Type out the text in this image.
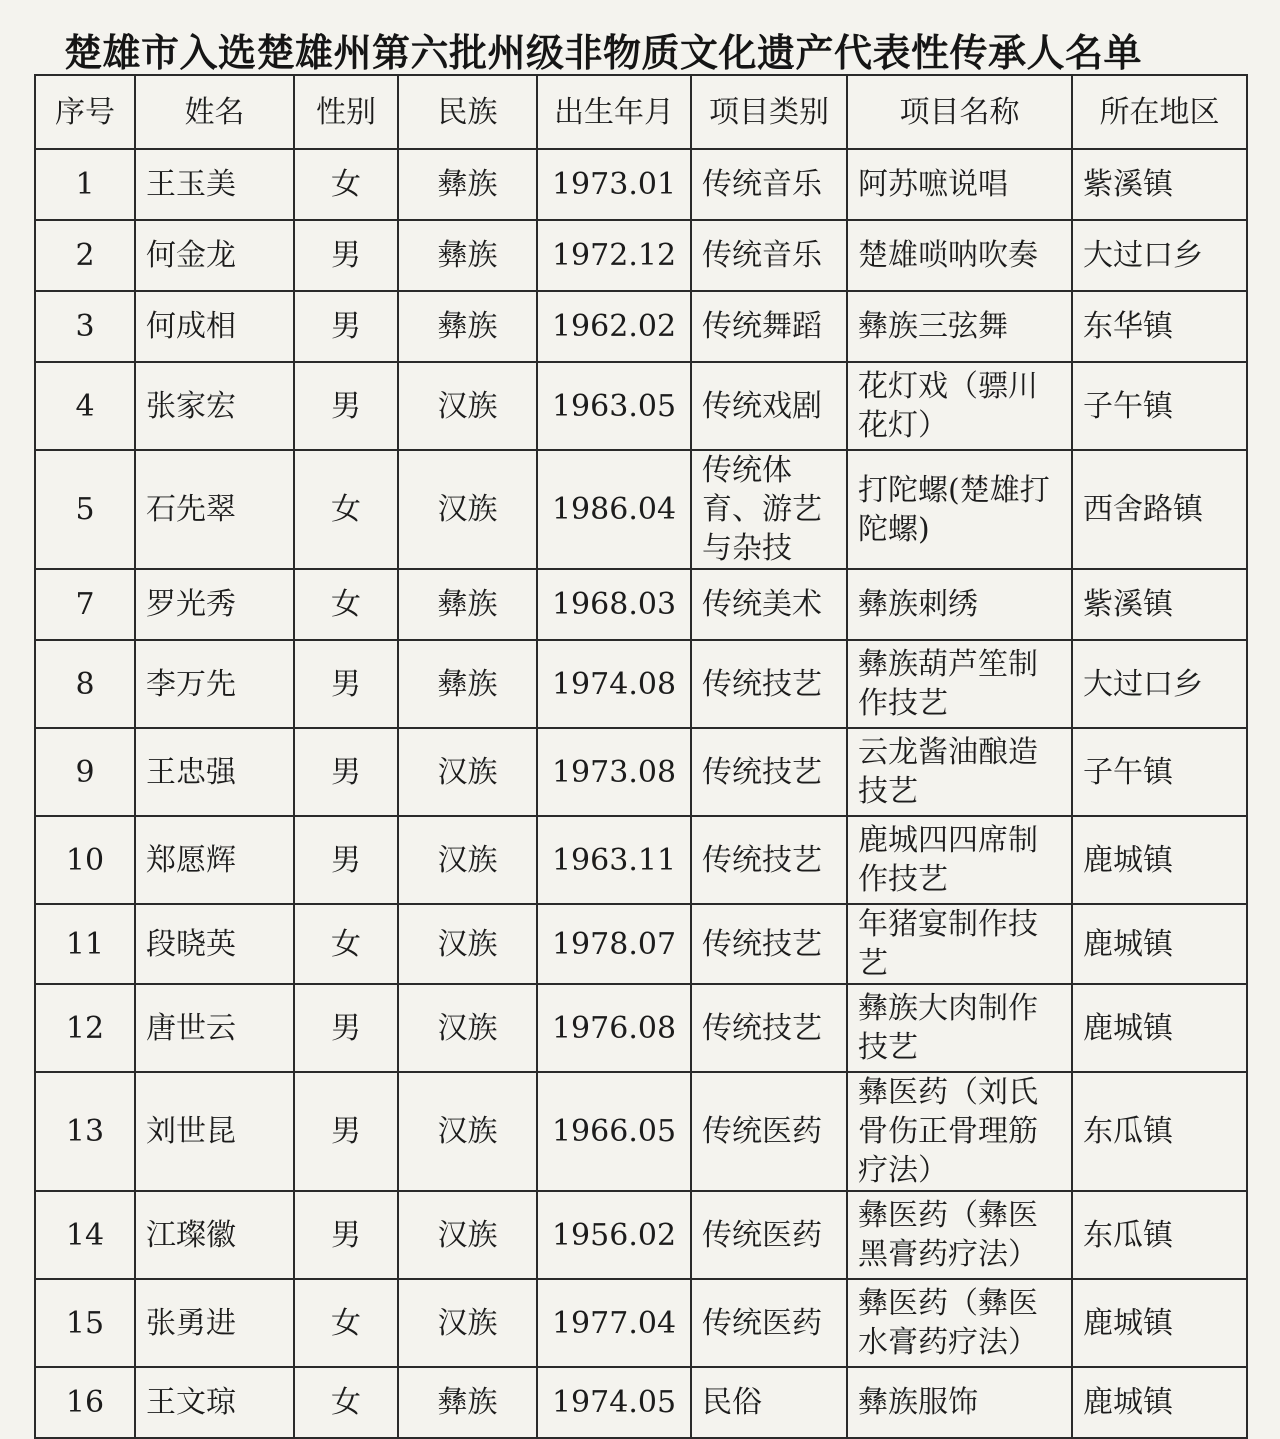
楚雄市入选楚雄州第六批州级非物质文化遗产代表性传承人名单
序号	姓名	性别	民族	出生年月	项目类别	项目名称	所在地区
1	王玉美	女	彝族	1973.01	传统音乐	阿苏嗻说唱	紫溪镇
2	何金龙	男	彝族	1972.12	传统音乐	楚雄唢呐吹奏	大过口乡
3	何成相	男	彝族	1962.02	传统舞蹈	彝族三弦舞	东华镇
4	张家宏	男	汉族	1963.05	传统戏剧	花灯戏（骠川花灯）	子午镇
5	石先翠	女	汉族	1986.04	传统体育、游艺与杂技	打陀螺(楚雄打陀螺)	西舍路镇
7	罗光秀	女	彝族	1968.03	传统美术	彝族刺绣	紫溪镇
8	李万先	男	彝族	1974.08	传统技艺	彝族葫芦笙制作技艺	大过口乡
9	王忠强	男	汉族	1973.08	传统技艺	云龙酱油酿造技艺	子午镇
10	郑愿辉	男	汉族	1963.11	传统技艺	鹿城四四席制作技艺	鹿城镇
11	段晓英	女	汉族	1978.07	传统技艺	年猪宴制作技艺	鹿城镇
12	唐世云	男	汉族	1976.08	传统技艺	彝族大肉制作技艺	鹿城镇
13	刘世昆	男	汉族	1966.05	传统医药	彝医药（刘氏骨伤正骨理筋疗法）	东瓜镇
14	江璨徽	男	汉族	1956.02	传统医药	彝医药（彝医黑膏药疗法）	东瓜镇
15	张勇进	女	汉族	1977.04	传统医药	彝医药（彝医水膏药疗法）	鹿城镇
16	王文琼	女	彝族	1974.05	民俗	彝族服饰	鹿城镇
